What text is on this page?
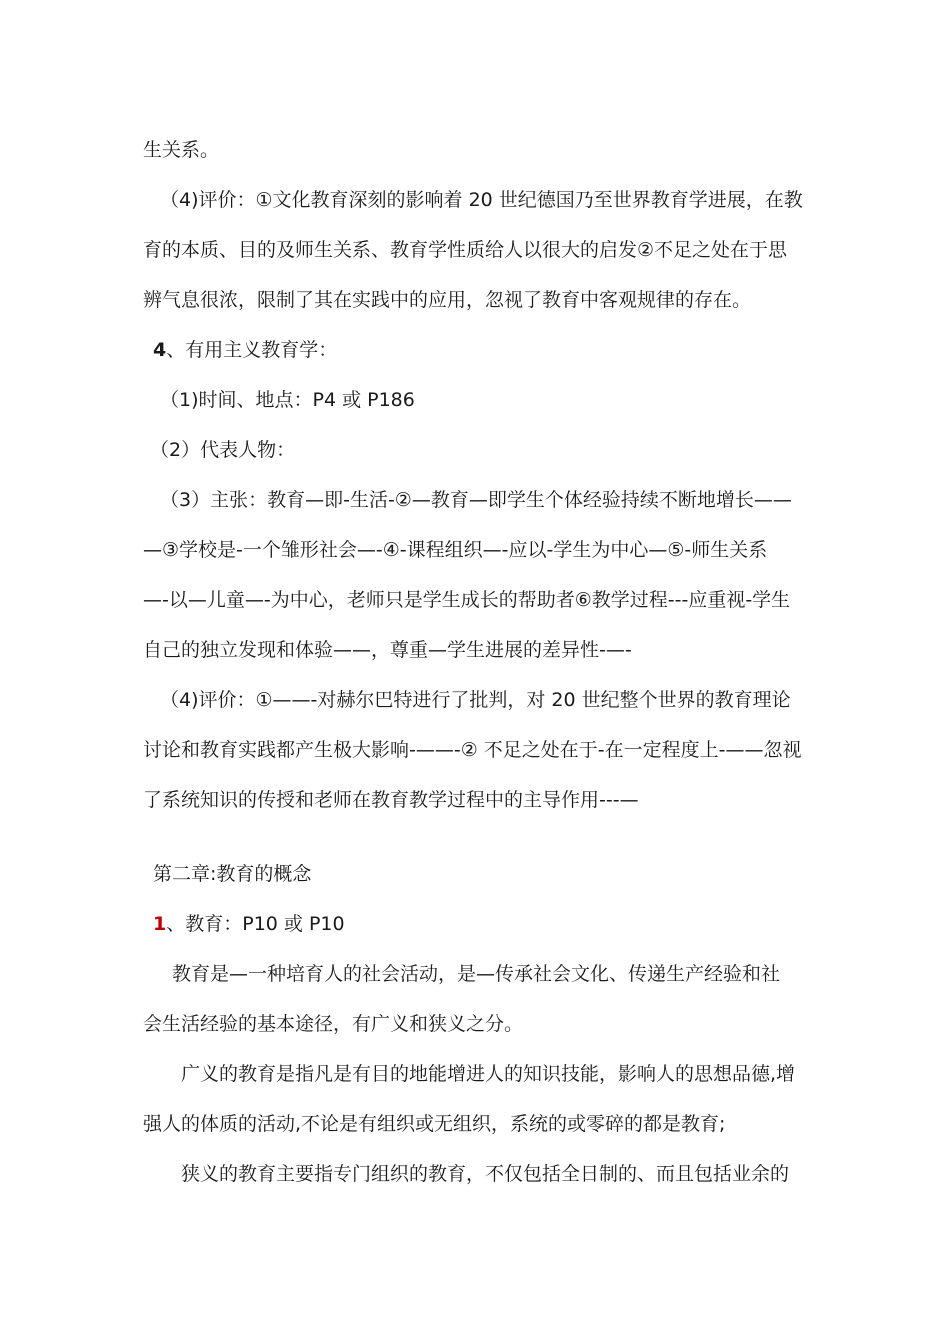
生关系。
（4)评价：①文化教育深刻的影响着 20 世纪德国乃至世界教育学进展，在教
育的本质、目的及师生关系、教育学性质给人以很大的启发②不足之处在于思
辨气息很浓，限制了其在实践中的应用，忽视了教育中客观规律的存在。
4、有用主义教育学：
（1)时间、地点：P4 或 P186
（2）代表人物：
（3）主张：教育—即-生活-②—教育—即学生个体经验持续不断地增长——
—③学校是-一个雏形社会—-④-课程组织—-应以-学生为中心—⑤-师生关系
—-以—儿童—-为中心，老师只是学生成长的帮助者⑥教学过程---应重视-学生
自己的独立发现和体验——，尊重—学生进展的差异性-—-
（4)评价：①——-对赫尔巴特进行了批判，对 20 世纪整个世界的教育理论
讨论和教育实践都产生极大影响-——-② 不足之处在于-在一定程度上-——忽视
了系统知识的传授和老师在教育教学过程中的主导作用---—
第二章:教育的概念
1、教育：P10 或 P10
教育是—一种培育人的社会活动，是—传承社会文化、传递生产经验和社
会生活经验的基本途径，有广义和狭义之分。
广义的教育是指凡是有目的地能增进人的知识技能，影响人的思想品德,增
强人的体质的活动,不论是有组织或无组织，系统的或零碎的都是教育;
狭义的教育主要指专门组织的教育，不仅包括全日制的、而且包括业余的
